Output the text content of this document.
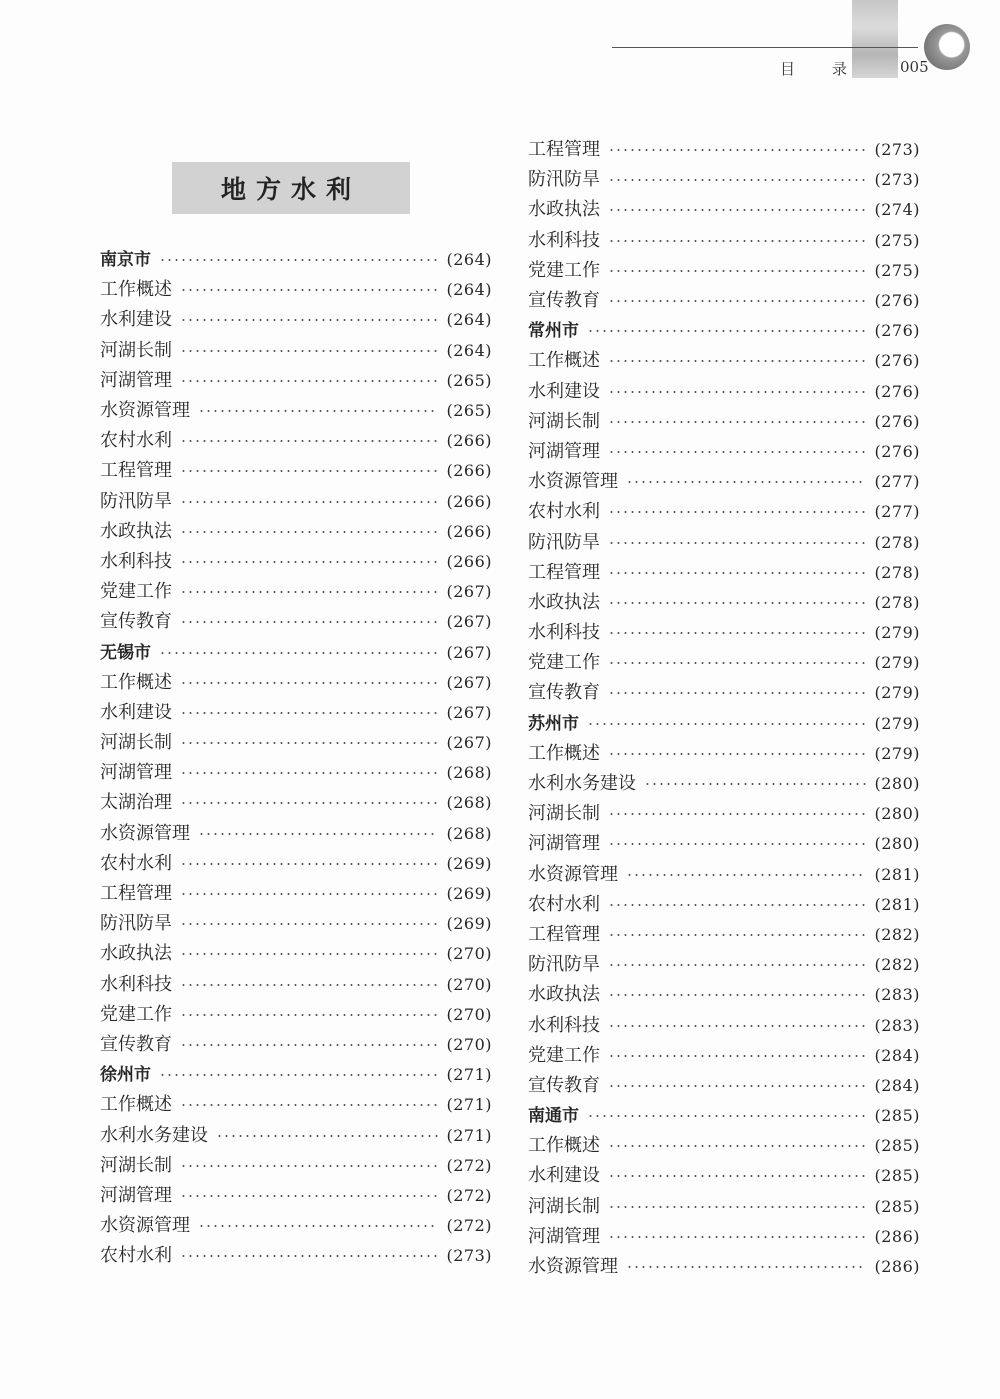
目 录	005
地方水利
南京市	(264)
工作概述	(264)
水利建设	(264)
河湖长制	(264)
河湖管理	(265)
水资源管理	(265)
农村水利	(266)
工程管理	(266)
防汛防旱	(266)
水政执法	(266)
水利科技	(266)
党建工作	(267)
宣传教育	(267)
无锡市	(267)
工作概述	(267)
水利建设	(267)
河湖长制	(267)
河湖管理	(268)
太湖治理	(268)
水资源管理	(268)
农村水利	(269)
工程管理	(269)
防汛防旱	(269)
水政执法	(270)
水利科技	(270)
党建工作	(270)
宣传教育	(270)
徐州市	(271)
工作概述	(271)
水利水务建设	(271)
河湖长制	(272)
河湖管理	(272)
水资源管理	(272)
农村水利	(273)
工程管理	(273)
防汛防旱	(273)
水政执法	(274)
水利科技	(275)
党建工作	(275)
宣传教育	(276)
常州市	(276)
工作概述	(276)
水利建设	(276)
河湖长制	(276)
河湖管理	(276)
水资源管理	(277)
农村水利	(277)
防汛防旱	(278)
工程管理	(278)
水政执法	(278)
水利科技	(279)
党建工作	(279)
宣传教育	(279)
苏州市	(279)
工作概述	(279)
水利水务建设	(280)
河湖长制	(280)
河湖管理	(280)
水资源管理	(281)
农村水利	(281)
工程管理	(282)
防汛防旱	(282)
水政执法	(283)
水利科技	(283)
党建工作	(284)
宣传教育	(284)
南通市	(285)
工作概述	(285)
水利建设	(285)
河湖长制	(285)
河湖管理	(286)
水资源管理	(286)
